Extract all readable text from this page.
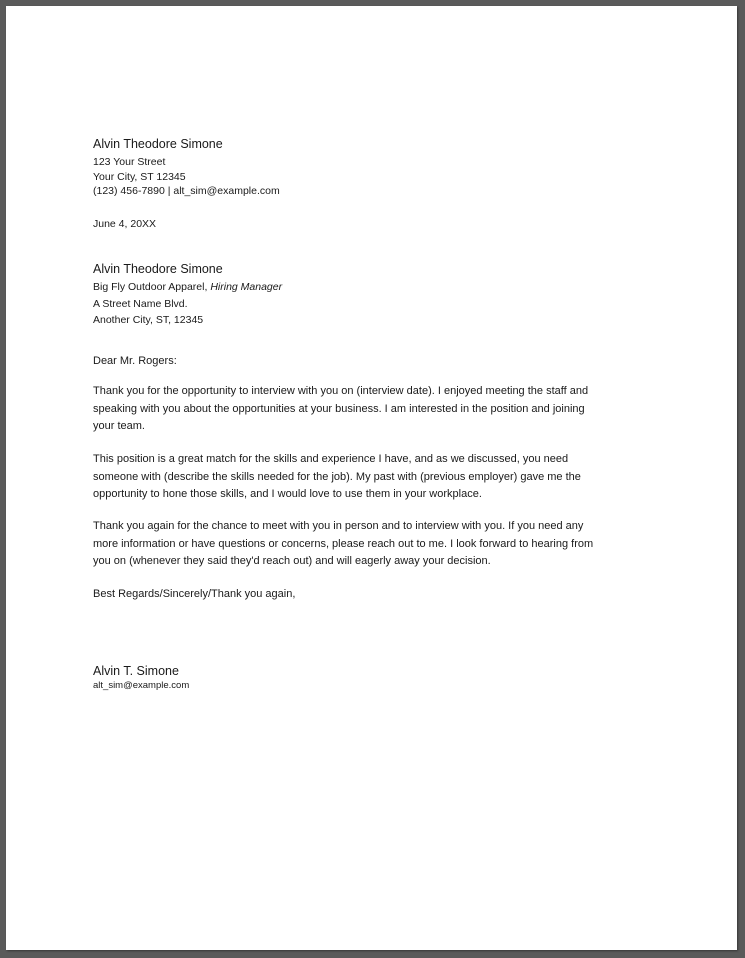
Alvin Theodore Simone
123 Your Street
Your City, ST 12345
(123) 456-7890 | alt_sim@example.com
June 4, 20XX
Alvin Theodore Simone
Big Fly Outdoor Apparel, Hiring Manager
A Street Name Blvd.
Another City, ST, 12345
Dear Mr. Rogers:
Thank you for the opportunity to interview with you on (interview date). I enjoyed meeting the staff and
speaking with you about the opportunities at your business. I am interested in the position and joining
your team.
This position is a great match for the skills and experience I have, and as we discussed, you need
someone with (describe the skills needed for the job). My past with (previous employer) gave me the
opportunity to hone those skills, and I would love to use them in your workplace.
Thank you again for the chance to meet with you in person and to interview with you. If you need any
more information or have questions or concerns, please reach out to me. I look forward to hearing from
you on (whenever they said they'd reach out) and will eagerly away your decision.
Best Regards/Sincerely/Thank you again,
Alvin T. Simone
alt_sim@example.com
